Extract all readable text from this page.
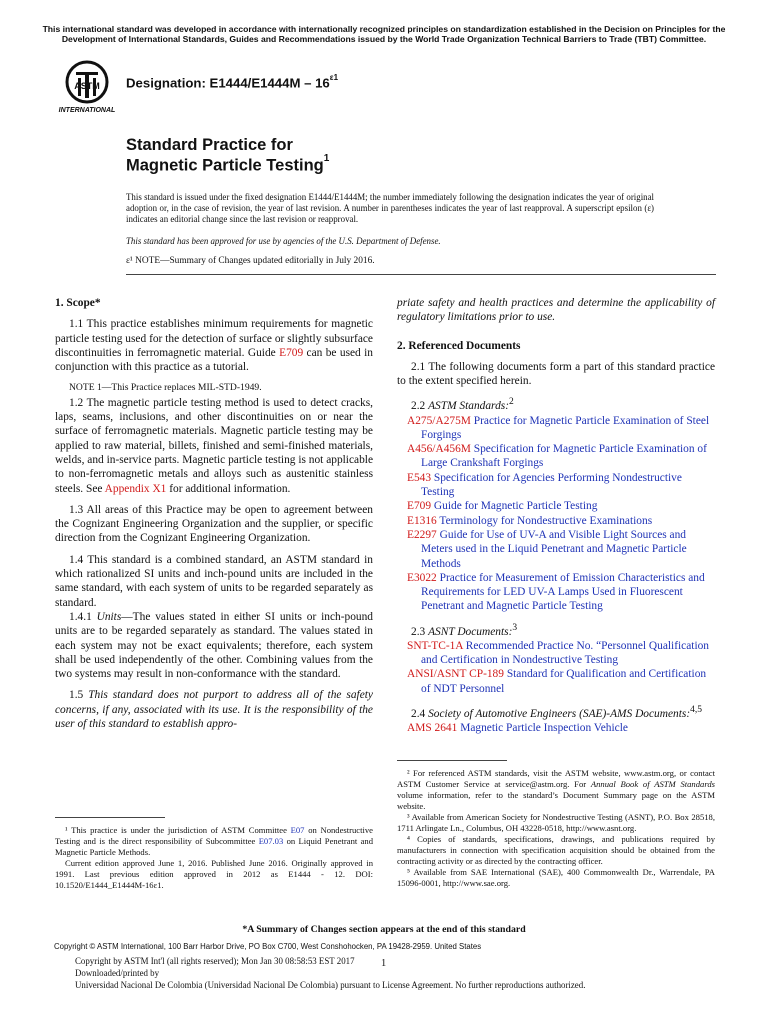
This international standard was developed in accordance with internationally recognized principles on standardization established in the Decision on Principles for the Development of International Standards, Guides and Recommendations issued by the World Trade Organization Technical Barriers to Trade (TBT) Committee.
ASTM
INTERNATIONAL
Designation: $E1444/E1444M - 16^{\varepsilon 1}$
Standard Practice for
Magnetic Particle Testing$^1$
This standard is issued under the fixed designation E1444/E1444M; the number immediately following the designation indicates the year of original adoption or, in the case of revision, the year of last revision. A number in parentheses indicates the year of last reapproval. A superscript epsilon (ε) indicates an editorial change since the last revision or reapproval.
This standard has been approved for use by agencies of the U.S. Department of Defense.
ε¹ NOTE—Summary of Changes updated editorially in July 2016.
1. Scope*

1.1 This practice establishes minimum requirements for magnetic particle testing used for the detection of surface or slightly subsurface discontinuities in ferromagnetic material. Guide E709 can be used in conjunction with this practice as a tutorial.

NOTE 1—This Practice replaces MIL-STD-1949.

1.2 The magnetic particle testing method is used to detect cracks, laps, seams, inclusions, and other discontinuities on or near the surface of ferromagnetic materials. Magnetic particle testing may be applied to raw material, billets, finished and semi-finished materials, welds, and in-service parts. Magnetic particle testing is not applicable to non-ferromagnetic metals and alloys such as austenitic stainless steels. See Appendix X1 for additional information.

1.3 All areas of this Practice may be open to agreement between the Cognizant Engineering Organization and the supplier, or specific direction from the Cognizant Engineering Organization.

1.4 This standard is a combined standard, an ASTM standard in which rationalized SI units and inch-pound units are included in the same standard, with each system of units to be regarded separately as standard.

1.4.1 Units—The values stated in either SI units or inch-pound units are to be regarded separately as standard. The values stated in each system may not be exact equivalents; therefore, each system shall be used independently of the other. Combining values from the two systems may result in non-conformance with the standard.

1.5 This standard does not purport to address all of the safety concerns, if any, associated with its use. It is the responsibility of the user of this standard to establish appro-

priate safety and health practices and determine the applicability of regulatory limitations prior to use.

2. Referenced Documents

2.1 The following documents form a part of this standard practice to the extent specified herein.

2.2 ASTM Standards:$^2$

A275/A275M Practice for Magnetic Particle Examination of Steel Forgings

A456/A456M Specification for Magnetic Particle Examination of Large Crankshaft Forgings

E543 Specification for Agencies Performing Nondestructive Testing

E709 Guide for Magnetic Particle Testing

E1316 Terminology for Nondestructive Examinations

E2297 Guide for Use of UV-A and Visible Light Sources and Meters used in the Liquid Penetrant and Magnetic Particle Methods

E3022 Practice for Measurement of Emission Characteristics and Requirements for LED UV-A Lamps Used in Fluorescent Penetrant and Magnetic Particle Testing

2.3 ASNT Documents:$^3$

SNT-TC-1A Recommended Practice No. “Personnel Qualification and Certification in Nondestructive Testing

ANSI/ASNT CP-189 Standard for Qualification and Certification of NDT Personnel

2.4 Society of Automotive Engineers (SAE)-AMS Documents:$^{4,5}$

AMS 2641 Magnetic Particle Inspection Vehicle

¹ This practice is under the jurisdiction of ASTM Committee E07 on Nondestructive Testing and is the direct responsibility of Subcommittee E07.03 on Liquid Penetrant and Magnetic Particle Methods.

Current edition approved June 1, 2016. Published June 2016. Originally approved in 1991. Last previous edition approved in 2012 as E1444 - 12. DOI: 10.1520/E1444_E1444M-16ε1.

² For referenced ASTM standards, visit the ASTM website, www.astm.org, or contact ASTM Customer Service at service@astm.org. For Annual Book of ASTM Standards volume information, refer to the standard’s Document Summary page on the ASTM website.

³ Available from American Society for Nondestructive Testing (ASNT), P.O. Box 28518, 1711 Arlingate Ln., Columbus, OH 43228-0518, http://www.asnt.org.

⁴ Copies of standards, specifications, drawings, and publications required by manufacturers in connection with specification acquisition should be obtained from the contracting activity or as directed by the contracting officer.

⁵ Available from SAE International (SAE), 400 Commonwealth Dr., Warrendale, PA 15096-0001, http://www.sae.org.

*A Summary of Changes section appears at the end of this standard
Copyright © ASTM International, 100 Barr Harbor Drive, PO Box C700, West Conshohocken, PA 19428-2959. United States
1
Copyright by ASTM Int'l (all rights reserved); Mon Jan 30 08:58:53 EST 2017
Downloaded/printed by
Universidad Nacional De Colombia (Universidad Nacional De Colombia) pursuant to License Agreement. No further reproductions authorized.
